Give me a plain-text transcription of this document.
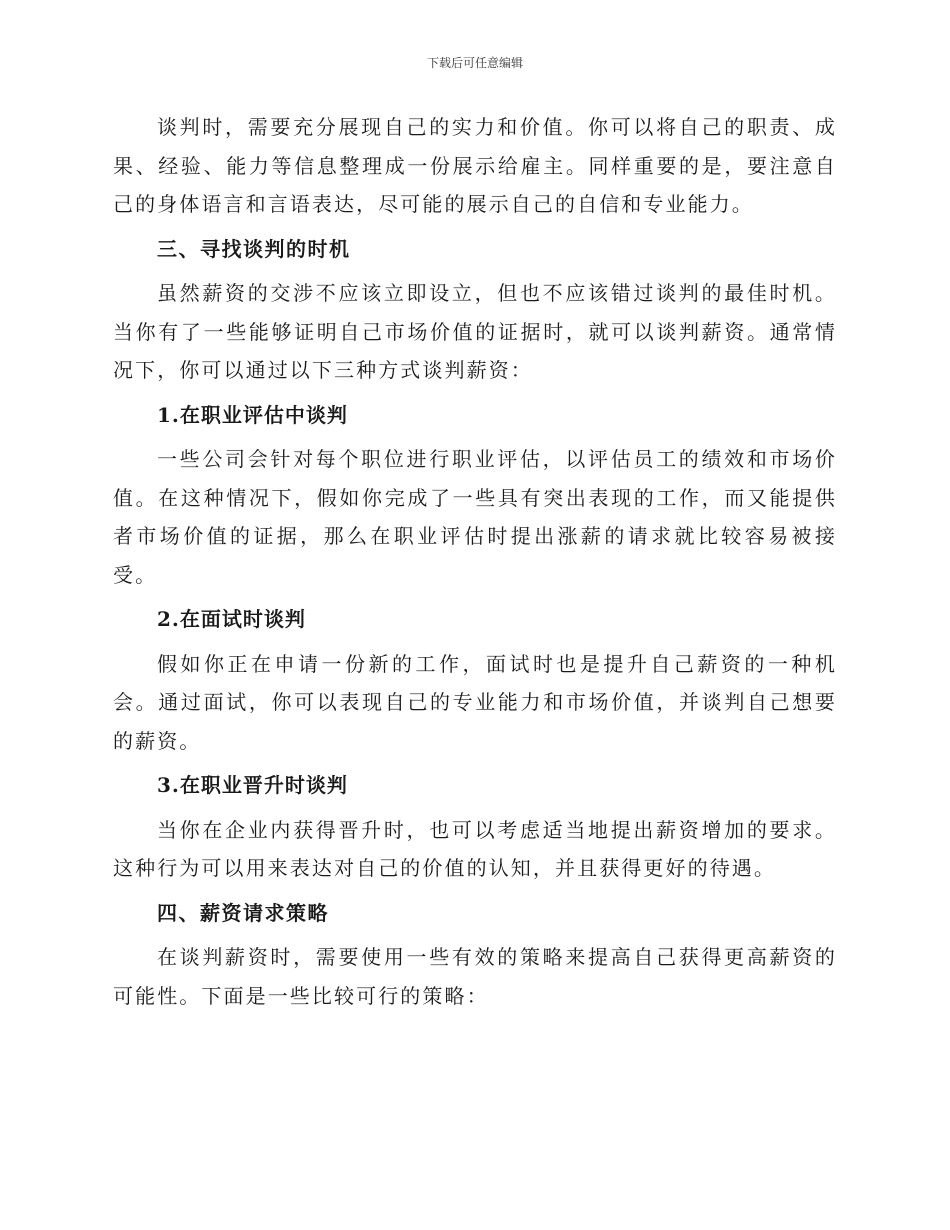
下载后可任意编辑

谈判时，需要充分展现自己的实力和价值。你可以将自己的职责、成果、经验、能力等信息整理成一份展示给雇主。同样重要的是，要注意自己的身体语言和言语表达，尽可能的展示自己的自信和专业能力。

三、寻找谈判的时机

虽然薪资的交涉不应该立即设立，但也不应该错过谈判的最佳时机。当你有了一些能够证明自己市场价值的证据时，就可以谈判薪资。通常情况下，你可以通过以下三种方式谈判薪资：

1.在职业评估中谈判

一些公司会针对每个职位进行职业评估，以评估员工的绩效和市场价值。在这种情况下，假如你完成了一些具有突出表现的工作，而又能提供者市场价值的证据，那么在职业评估时提出涨薪的请求就比较容易被接受。

2.在面试时谈判

假如你正在申请一份新的工作，面试时也是提升自己薪资的一种机会。通过面试，你可以表现自己的专业能力和市场价值，并谈判自己想要的薪资。

3.在职业晋升时谈判

当你在企业内获得晋升时，也可以考虑适当地提出薪资增加的要求。这种行为可以用来表达对自己的价值的认知，并且获得更好的待遇。

四、薪资请求策略

在谈判薪资时，需要使用一些有效的策略来提高自己获得更高薪资的可能性。下面是一些比较可行的策略：
